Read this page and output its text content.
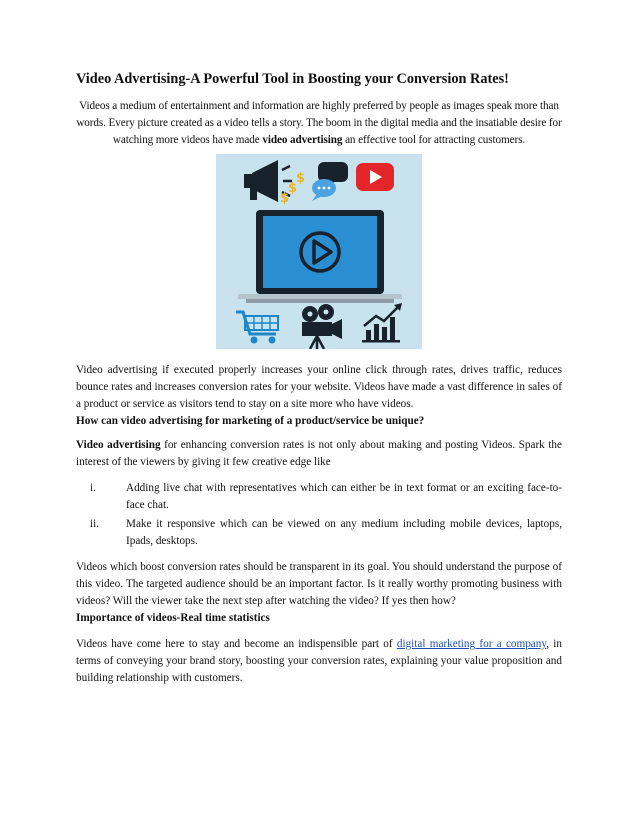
Video Advertising-A Powerful Tool in Boosting your Conversion Rates!

Videos a medium of entertainment and information are highly preferred by people as images speak more than words. Every picture created as a video tells a story. The boom in the digital media and the insatiable desire for watching more videos have made video advertising an effective tool for attracting customers.

$
$
$

Video advertising if executed properly increases your online click through rates, drives traffic, reduces bounce rates and increases conversion rates for your website. Videos have made a vast difference in sales of a product or service as visitors tend to stay on a site more who have videos.

How can video advertising for marketing of a product/service be unique?

Video advertising for enhancing conversion rates is not only about making and posting Videos. Spark the interest of the viewers by giving it few creative edge like

i.	Adding live chat with representatives which can either be in text format or an exciting face-to-face chat.
ii. Make it responsive which can be viewed on any medium including mobile devices, laptops, Ipads, desktops.

Videos which boost conversion rates should be transparent in its goal. You should understand the purpose of this video. The targeted audience should be an important factor. Is it really worthy promoting business with videos? Will the viewer take the next step after watching the video? If yes then how?

Importance of videos-Real time statistics

Videos have come here to stay and become an indispensible part of digital marketing for a company, in terms of conveying your brand story, boosting your conversion rates, explaining your value proposition and building relationship with customers.
